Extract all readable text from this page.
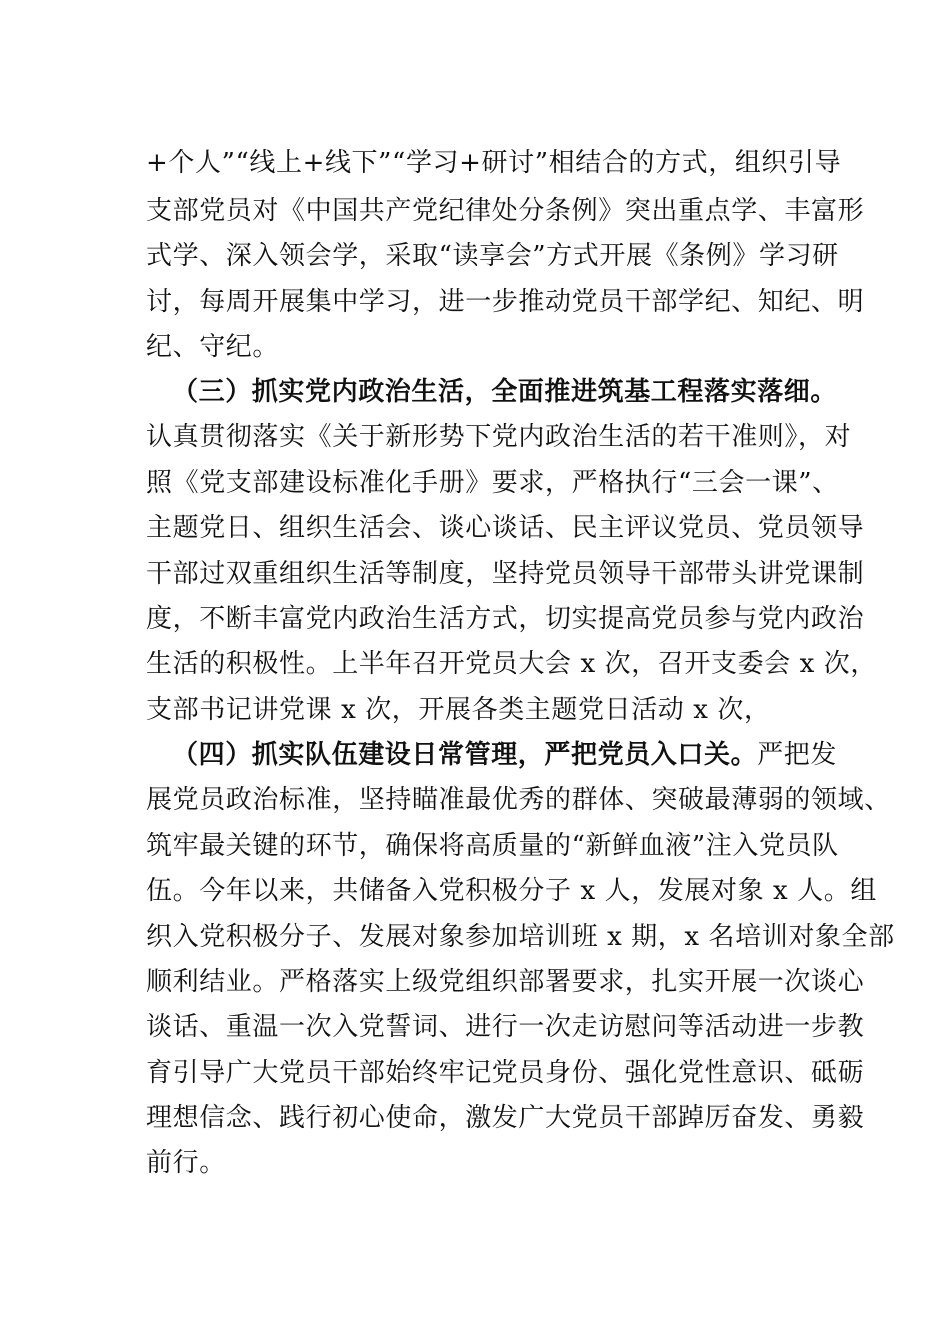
+个人”“线上+线下”“学习+研讨”相结合的方式，组织引导
支部党员对《中国共产党纪律处分条例》突出重点学、丰富形
式学、深入领会学，采取“读享会”方式开展《条例》学习研
讨，每周开展集中学习，进一步推动党员干部学纪、知纪、明
纪、守纪。
（三）抓实党内政治生活，全面推进筑基工程落实落细。
认真贯彻落实《关于新形势下党内政治生活的若干准则》，对
照《党支部建设标准化手册》要求，严格执行“三会一课”、
主题党日、组织生活会、谈心谈话、民主评议党员、党员领导
干部过双重组织生活等制度，坚持党员领导干部带头讲党课制
度，不断丰富党内政治生活方式，切实提高党员参与党内政治
生活的积极性。上半年召开党员大会 x 次，召开支委会 x 次，
支部书记讲党课 x 次，开展各类主题党日活动 x 次，
（四）抓实队伍建设日常管理，严把党员入口关。严把发
展党员政治标准，坚持瞄准最优秀的群体、突破最薄弱的领域、
筑牢最关键的环节，确保将高质量的“新鲜血液”注入党员队
伍。今年以来，共储备入党积极分子 x 人，发展对象 x 人。组
织入党积极分子、发展对象参加培训班 x 期，x 名培训对象全部
顺利结业。严格落实上级党组织部署要求，扎实开展一次谈心
谈话、重温一次入党誓词、进行一次走访慰问等活动进一步教
育引导广大党员干部始终牢记党员身份、强化党性意识、砥砺
理想信念、践行初心使命，激发广大党员干部踔厉奋发、勇毅
前行。
